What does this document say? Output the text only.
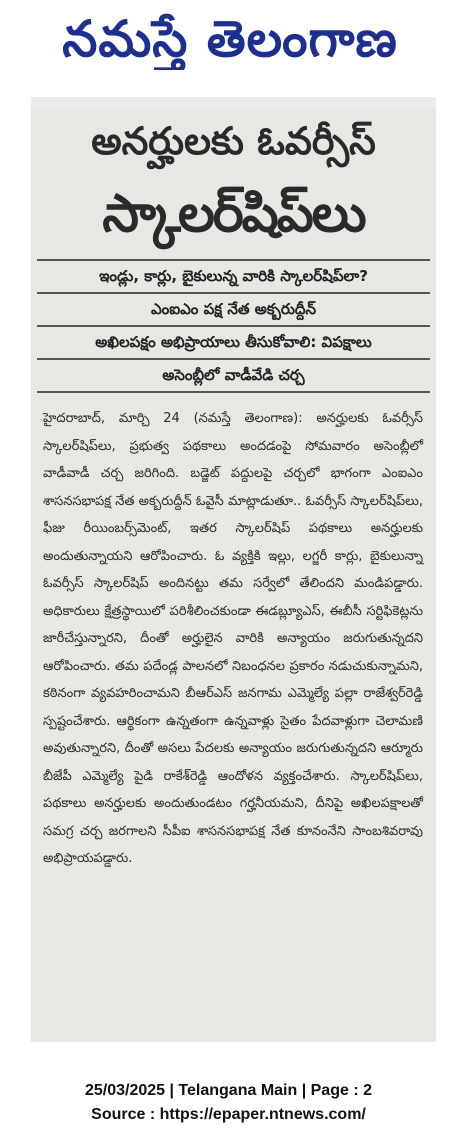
నమస్తే తెలంగాణ
అనర్హులకు ఓవర్సీస్
స్కాలర్‌షిప్‌లు
ఇండ్లు, కార్లు, బైకులున్న వారికి స్కాలర్‌షిప్‌లా?
ఎంఐఎం పక్ష నేత అక్బరుద్దీన్
అఖిలపక్షం అభిప్రాయాలు తీసుకోవాలి: విపక్షాలు
అసెంబ్లీలో వాడీవేడి చర్చ

హైదరాబాద్, మార్చి 24 (నమస్తే తెలంగాణ): అనర్హులకు ఓవర్సీస్ స్కాలర్‌షిప్‌లు, ప్రభుత్వ పథకాలు అందడంపై సోమవారం అసెంబ్లీలో వాడీవాడీ చర్చ జరిగింది. బడ్జెట్ పద్దులపై చర్చలో భాగంగా ఎంఐఎం శాసనసభాపక్ష నేత అక్బరుద్దీన్ ఓవైసీ మాట్లాడుతూ.. ఓవర్సీస్ స్కాలర్‌షిప్‌లు, ఫీజు రీయింబర్స్‌మెంట్, ఇతర స్కాలర్‌షిప్ పథకాలు అనర్హులకు అందుతున్నాయని ఆరోపించారు. ఓ వ్యక్తికి ఇల్లు, లగ్జరీ కార్లు, బైకులున్నా ఓవర్సీస్ స్కాలర్‌షిప్ అందినట్టు తమ సర్వేలో తేలిందని మండిపడ్డారు. అధికారులు క్షేత్రస్థాయిలో పరిశీలించకుండా ఈడబ్ల్యూఎస్, ఈబీసీ సర్టిఫికెట్లను జారీచేస్తున్నారని, దీంతో అర్హులైన వారికి అన్యాయం జరుగుతున్నదని ఆరోపించారు. తమ పదేండ్ల పాలనలో నిబంధనల ప్రకారం నడుచుకున్నామని, కఠినంగా వ్యవహరించామని బీఆర్‌ఎస్ జనగామ ఎమ్మెల్యే పల్లా రాజేశ్వర్‌రెడ్డి స్పష్టంచేశారు. ఆర్థికంగా ఉన్నతంగా ఉన్నవాళ్లు సైతం పేదవాళ్లుగా చెలామణి అవుతున్నారని, దీంతో అసలు పేదలకు అన్యాయం జరుగుతున్నదని ఆర్మూరు బీజేపీ ఎమ్మెల్యే పైడి రాకేశ్‌రెడ్డి ఆందోళన వ్యక్తంచేశారు. స్కాలర్‌షిప్‌లు, పథకాలు అనర్హులకు అందుతుండటం గర్హనీయమని, దీనిపై అఖిలపక్షాలతో సమగ్ర చర్చ జరగాలని సీపీఐ శాసనసభాపక్ష నేత కూనంనేని సాంబశివరావు అభిప్రాయపడ్డారు.

25/03/2025 | Telangana Main | Page : 2
Source : https://epaper.ntnews.com/
